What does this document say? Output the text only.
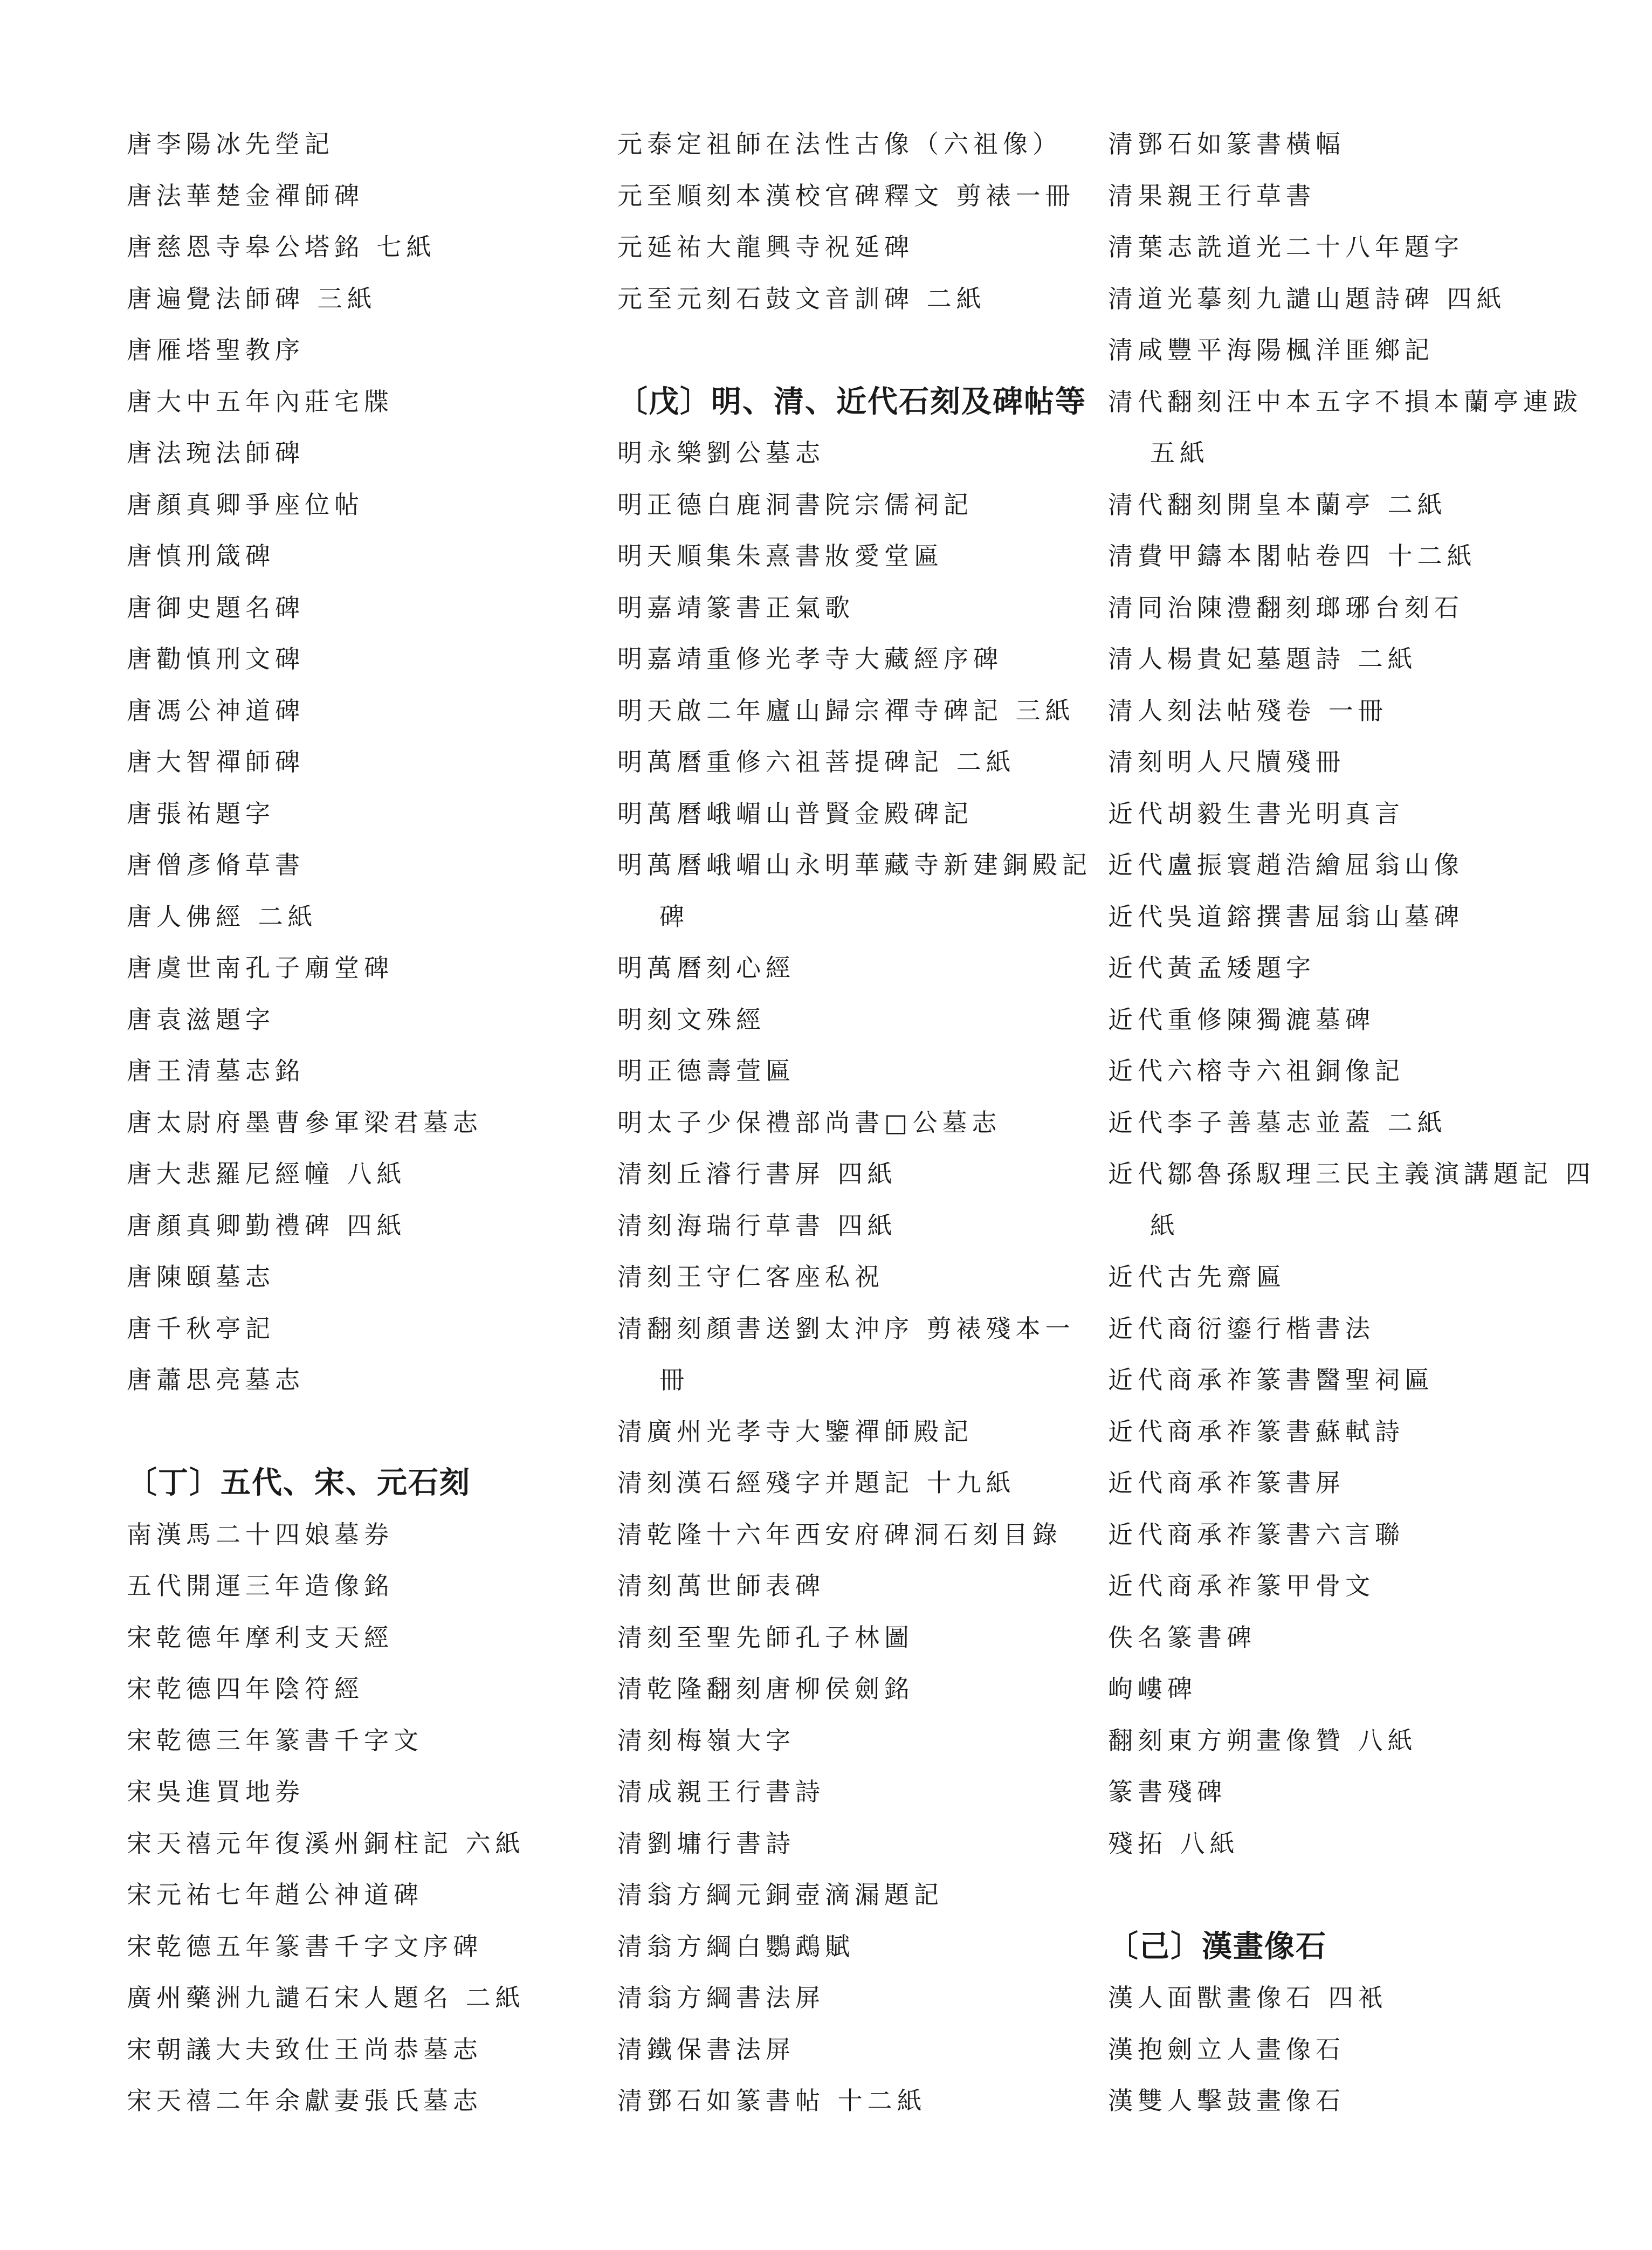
唐李陽冰先塋記
唐法華楚金禪師碑
唐慈恩寺皋公塔銘 七紙
唐遍覺法師碑 三紙
唐雁塔聖教序
唐大中五年內莊宅牒
唐法琬法師碑
唐顏真卿爭座位帖
唐慎刑箴碑
唐御史題名碑
唐勸慎刑文碑
唐馮公神道碑
唐大智禪師碑
唐張祐題字
唐僧彥脩草書
唐人佛經 二紙
唐虞世南孔子廟堂碑
唐袁滋題字
唐王清墓志銘
唐太尉府墨曹參軍梁君墓志
唐大悲羅尼經幢 八紙
唐顏真卿勤禮碑 四紙
唐陳頤墓志
唐千秋亭記
唐蕭思亮墓志
〔丁〕五代、宋、元石刻
南漢馬二十四娘墓券
五代開運三年造像銘
宋乾德年摩利支天經
宋乾德四年陰符經
宋乾德三年篆書千字文
宋吳進買地券
宋天禧元年復溪州銅柱記 六紙
宋元祐七年趙公神道碑
宋乾德五年篆書千字文序碑
廣州藥洲九譴石宋人題名 二紙
宋朝議大夫致仕王尚恭墓志
宋天禧二年余獻妻張氏墓志
元泰定祖師在法性古像（六祖像）
元至順刻本漢校官碑釋文 剪裱一冊
元延祐大龍興寺祝延碑
元至元刻石鼓文音訓碑 二紙
〔戊〕明、清、近代石刻及碑帖等
明永樂劉公墓志
明正德白鹿洞書院宗儒祠記
明天順集朱熹書妝愛堂匾
明嘉靖篆書正氣歌
明嘉靖重修光孝寺大藏經序碑
明天啟二年廬山歸宗禪寺碑記 三紙
明萬曆重修六祖菩提碑記 二紙
明萬曆峨嵋山普賢金殿碑記
明萬曆峨嵋山永明華藏寺新建銅殿記
碑
明萬曆刻心經
明刻文殊經
明正德壽萱匾
明太子少保禮部尚書□公墓志
清刻丘濬行書屏 四紙
清刻海瑞行草書 四紙
清刻王守仁客座私祝
清翻刻顏書送劉太沖序 剪裱殘本一
冊
清廣州光孝寺大鑒禪師殿記
清刻漢石經殘字并題記 十九紙
清乾隆十六年西安府碑洞石刻目錄
清刻萬世師表碑
清刻至聖先師孔子林圖
清乾隆翻刻唐柳侯劍銘
清刻梅嶺大字
清成親王行書詩
清劉墉行書詩
清翁方綱元銅壺滴漏題記
清翁方綱白鸚鵡賦
清翁方綱書法屏
清鐵保書法屏
清鄧石如篆書帖 十二紙
清鄧石如篆書橫幅
清果親王行草書
清葉志詵道光二十八年題字
清道光摹刻九譴山題詩碑 四紙
清咸豐平海陽楓洋匪鄉記
清代翻刻汪中本五字不損本蘭亭連跋
五紙
清代翻刻開皇本蘭亭 二紙
清費甲鑄本閣帖卷四 十二紙
清同治陳澧翻刻瑯琊台刻石
清人楊貴妃墓題詩 二紙
清人刻法帖殘卷 一冊
清刻明人尺牘殘冊
近代胡毅生書光明真言
近代盧振寰趙浩繪屈翁山像
近代吳道鎔撰書屈翁山墓碑
近代黃孟矮題字
近代重修陳獨漉墓碑
近代六榕寺六祖銅像記
近代李子善墓志並蓋 二紙
近代鄒魯孫馭理三民主義演講題記 四
紙
近代古先齋匾
近代商衍鎏行楷書法
近代商承祚篆書醫聖祠匾
近代商承祚篆書蘇軾詩
近代商承祚篆書屏
近代商承祚篆書六言聯
近代商承祚篆甲骨文
佚名篆書碑
岣嶁碑
翻刻東方朔畫像贊 八紙
篆書殘碑
殘拓 八紙
〔己〕漢畫像石
漢人面獸畫像石 四衹
漢抱劍立人畫像石
漢雙人擊鼓畫像石
